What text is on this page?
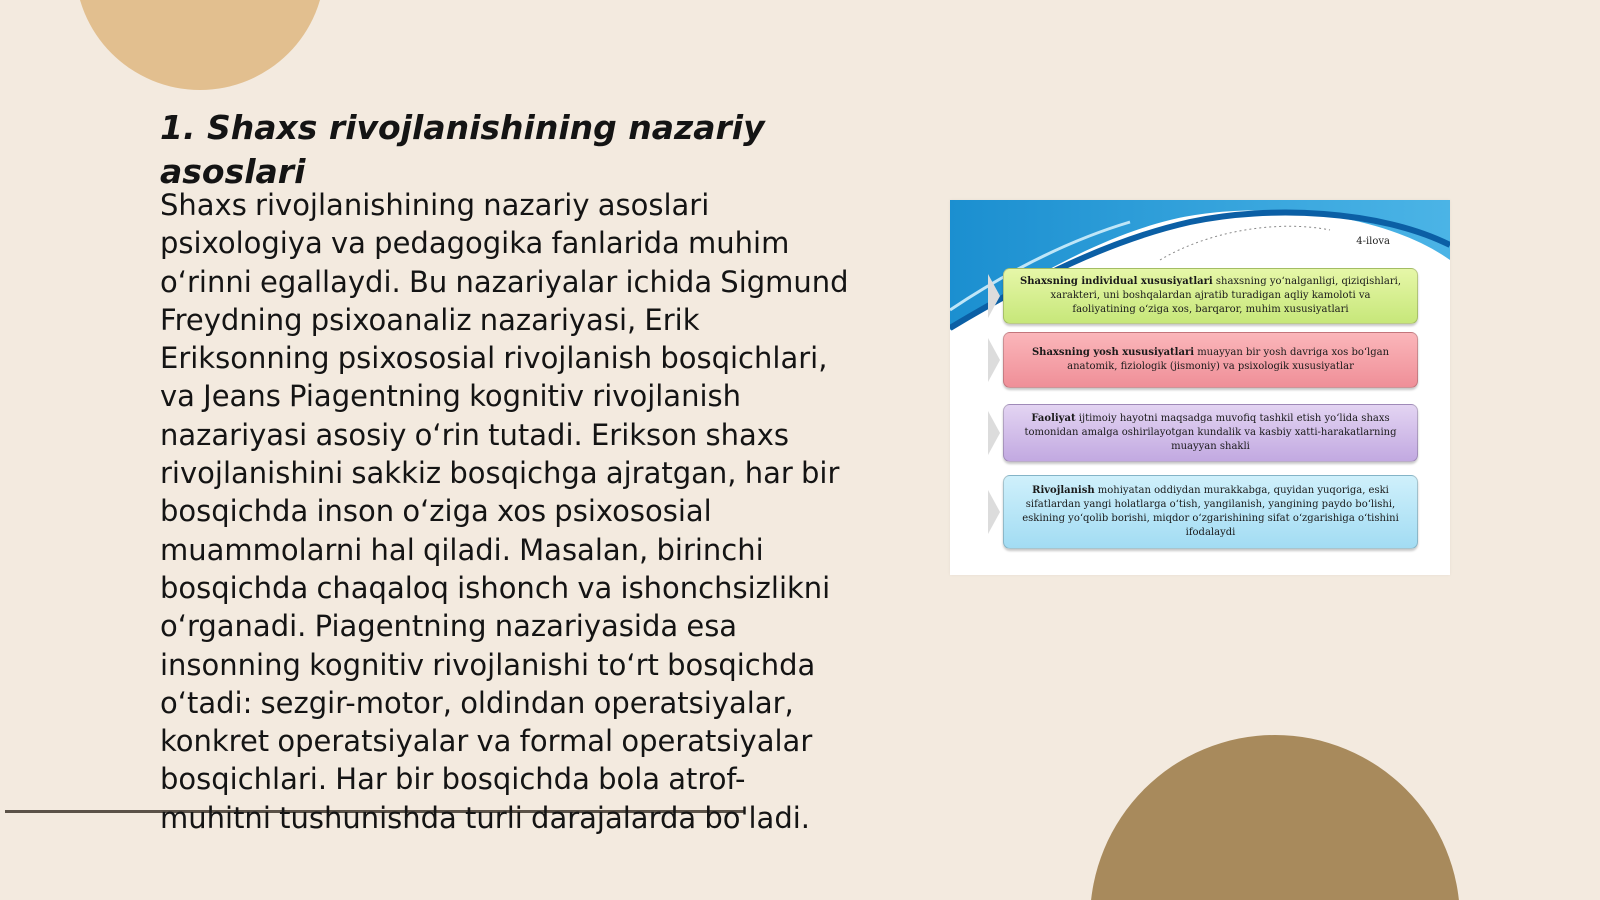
1. Shaxs rivojlanishining nazariy asoslari

Shaxs rivojlanishining nazariy asoslari psixologiya va pedagogika fanlarida muhim o‘rinni egallaydi. Bu nazariyalar ichida Sigmund Freydning psixoanaliz nazariyasi, Erik Eriksonning psixososial rivojlanish bosqichlari, va Jeans Piagentning kognitiv rivojlanish nazariyasi asosiy o‘rin tutadi. Erikson shaxs rivojlanishini sakkiz bosqichga ajratgan, har bir bosqichda inson o‘ziga xos psixososial muammolarni hal qiladi. Masalan, birinchi bosqichda chaqaloq ishonch va ishonchsizlikni o‘rganadi. Piagentning nazariyasida esa insonning kognitiv rivojlanishi to‘rt bosqichda o‘tadi: sezgir-motor, oldindan operatsiyalar, konkret operatsiyalar va formal operatsiyalar bosqichlari. Har bir bosqichda bola atrof-muhitni tushunishda turli darajalarda bo'ladi.

4-ilova
Shaxsning individual xususiyatlari shaxsning yo‘nalganligi, qiziqishlari, xarakteri, uni boshqalardan ajratib turadigan aqliy kamoloti va faoliyatining o‘ziga xos, barqaror, muhim xususiyatlari
Shaxsning yosh xususiyatlari muayyan bir yosh davriga xos bo‘lgan anatomik, fiziologik (jismoniy) va psixologik xususiyatlar
Faoliyat ijtimoiy hayotni maqsadga muvofiq tashkil etish yo‘lida shaxs tomonidan amalga oshirilayotgan kundalik va kasbiy xatti-harakatlarning muayyan shakli
Rivojlanish mohiyatan oddiydan murakkabga, quyidan yuqoriga, eski sifatlardan yangi holatlarga o‘tish, yangilanish, yangining paydo bo‘lishi, eskining yo‘qolib borishi, miqdor o‘zgarishining sifat o‘zgarishiga o‘tishini ifodalaydi
